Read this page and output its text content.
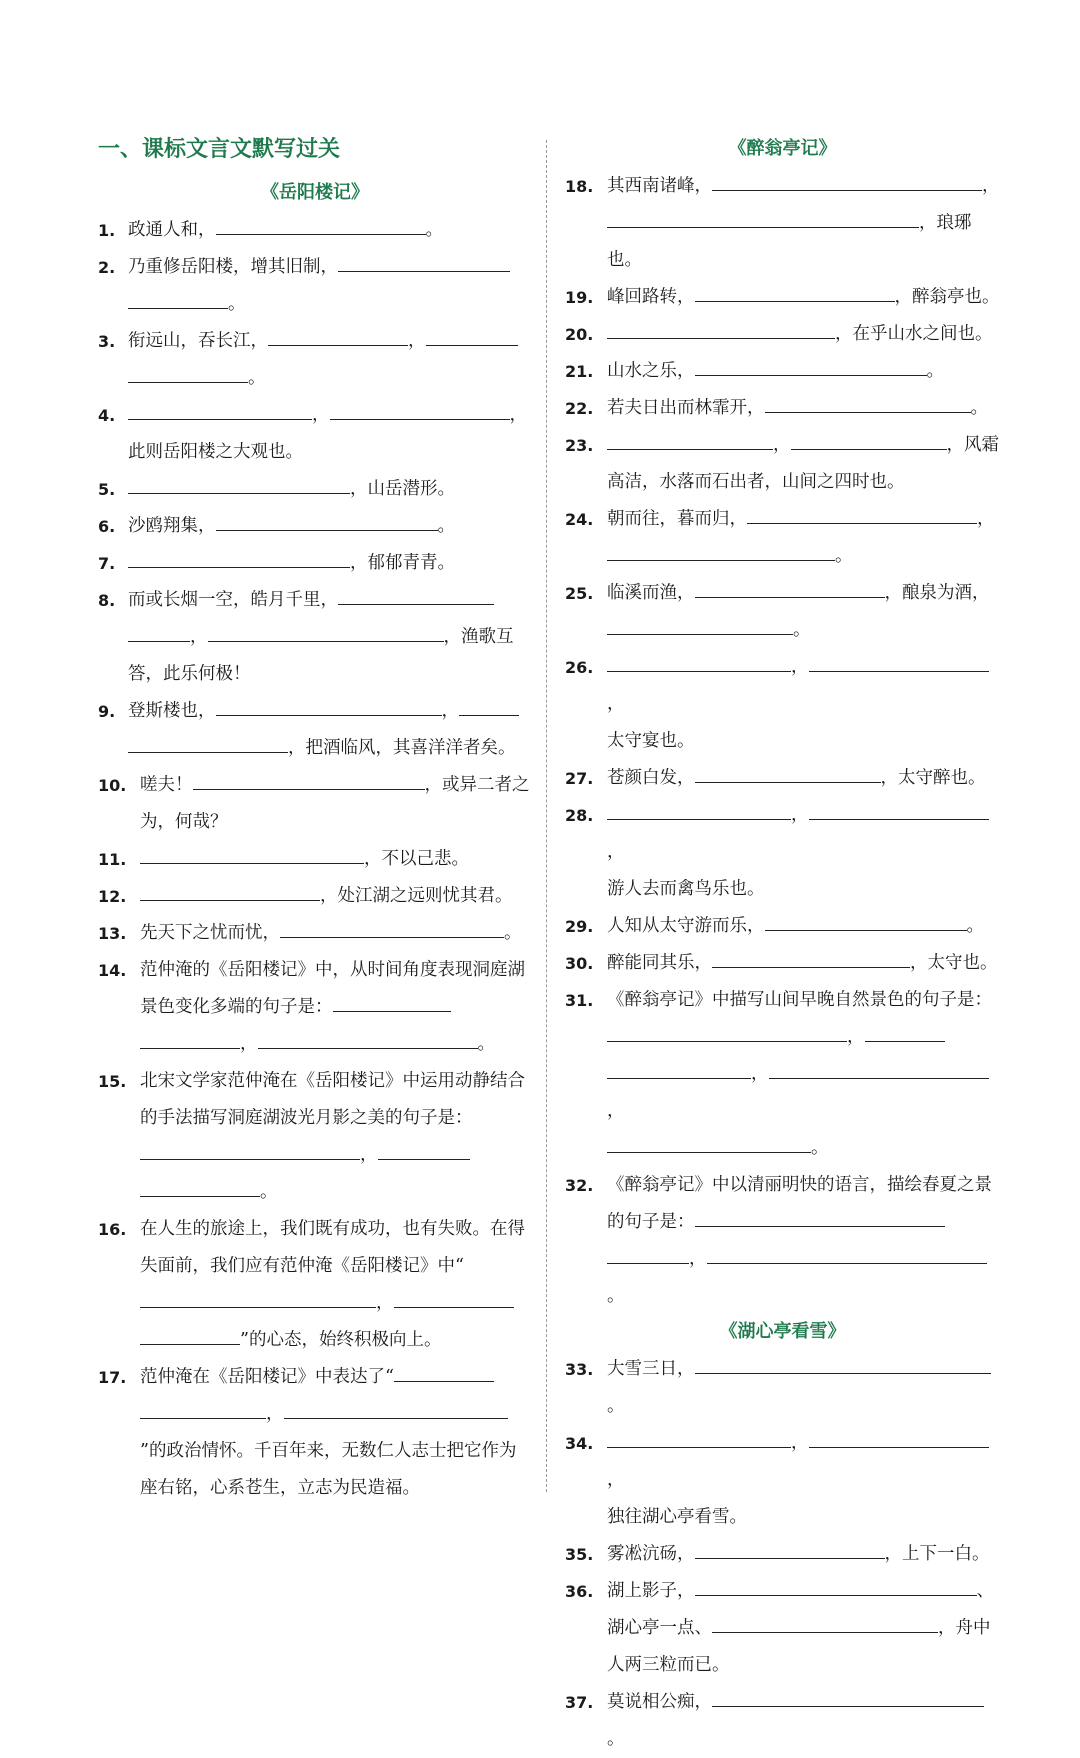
一、课标文言文默写过关
《岳阳楼记》
1. 政通人和，	。
2. 乃重修岳阳楼，增其旧制，
。
3. 衔远山，吞长江，	，
。
4.	，	，
此则岳阳楼之大观也。
5.	，山岳潜形。
6. 沙鸥翔集，	。
7.	，郁郁青青。
8. 而或长烟一空，皓月千里，
，	，渔歌互答，此乐何极！
9. 登斯楼也，	，
，把酒临风，其喜洋洋者矣。
10. 嗟夫！	，或异二者之为，何哉？
11.	，不以己悲。
12.	，处江湖之远则忧其君。
13. 先天下之忧而忧，	。
14. 范仲淹的《岳阳楼记》中，从时间角度表现洞庭湖景色变化多端的句子是：
，	。
15. 北宋文学家范仲淹在《岳阳楼记》中运用动静结合的手法描写洞庭湖波光月影之美的句子是：，
。
16. 在人生的旅途上，我们既有成功，也有失败。在得失面前，我们应有范仲淹《岳阳楼记》中“，
”的心态，始终积极向上。
17. 范仲淹在《岳阳楼记》中表达了“
，”的政治情怀。千百年来，无数仁人志士把它作为座右铭，心系苍生，立志为民造福。
《醉翁亭记》
18. 其西南诸峰，	，
，琅琊也。
19. 峰回路转，	，醉翁亭也。
20.	，在乎山水之间也。
21. 山水之乐，	。
22. 若夫日出而林霏开，	。
23.	，	，风霜高洁，水落而石出者，山间之四时也。
24. 朝而往，暮而归，	，
。
25. 临溪而渔，	，酿泉为酒，
。
26.	，，
太守宴也。
27. 苍颜白发，	，太守醉也。
28.	，，
游人去而禽鸟乐也。
29. 人知从太守游而乐，	。
30. 醉能同其乐，	，太守也。
31. 《醉翁亭记》中描写山间早晚自然景色的句子是：，
，，
。
32. 《醉翁亭记》中以清丽明快的语言，描绘春夏之景的句子是：
，。
《湖心亭看雪》
33. 大雪三日，。
34.	，，
独往湖心亭看雪。
35. 雾凇沆砀，	，上下一白。
36. 湖上影子，	、湖心亭一点、	，舟中人两三粒而已。
37. 莫说相公痴，。
